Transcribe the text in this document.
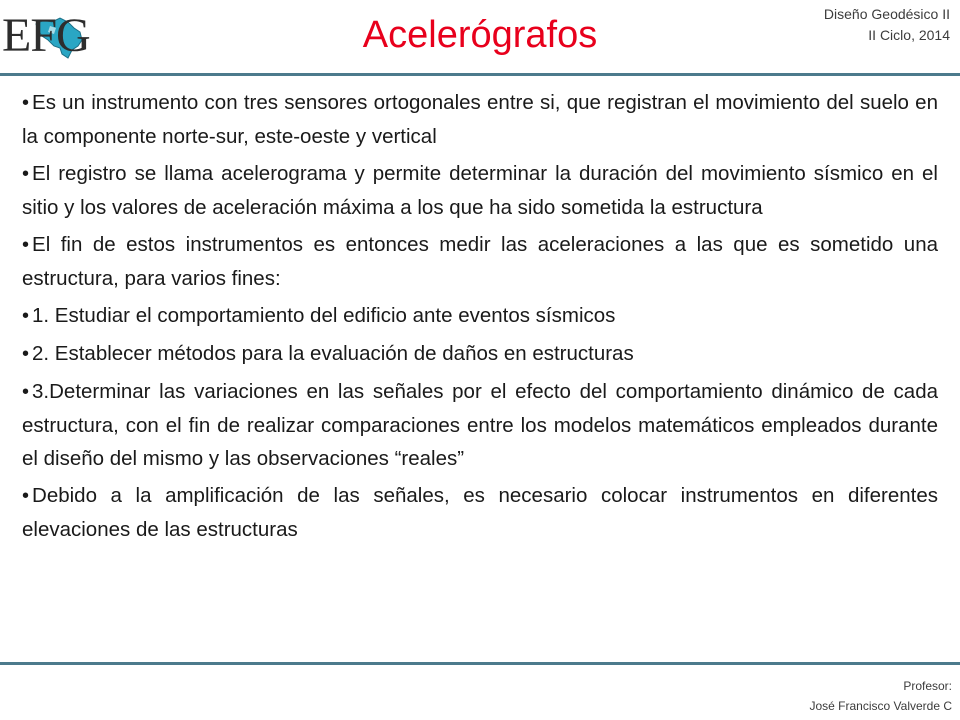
EFG	Acelerógrafos	Diseño Geodésico II
II Ciclo, 2014
• Es un instrumento con tres sensores ortogonales entre si, que registran el movimiento del suelo en la componente norte-sur, este-oeste y vertical
• El registro se llama acelerograma y permite determinar la duración del movimiento sísmico en el sitio y los valores de aceleración máxima a los que ha sido sometida la estructura
• El fin de estos instrumentos es entonces medir las aceleraciones a las que es sometido una estructura, para varios fines:
• 1. Estudiar el comportamiento del edificio ante eventos sísmicos
• 2. Establecer métodos para la evaluación de daños en estructuras
• 3.Determinar las variaciones en las señales por el efecto del comportamiento dinámico de cada estructura, con el fin de realizar comparaciones entre los modelos matemáticos empleados durante el diseño del mismo y las observaciones “reales”
• Debido a la amplificación de las señales, es necesario colocar instrumentos en diferentes elevaciones de las estructuras
Profesor:
José Francisco Valverde C
